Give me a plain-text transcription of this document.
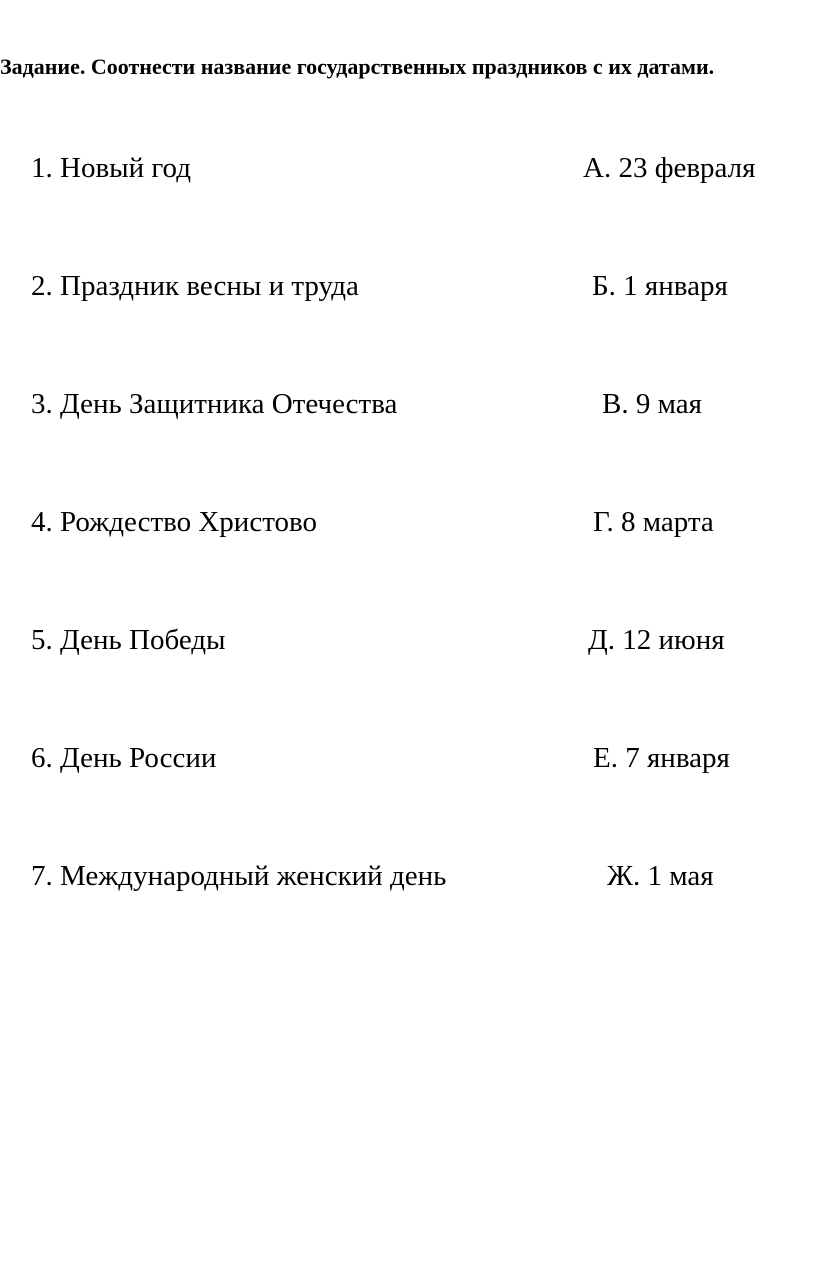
Задание. Соотнести название государственных праздников с их датами.
1. Новый год	А. 23 февраля
2. Праздник весны и труда	Б. 1 января
3. День Защитника Отечества	В. 9 мая
4. Рождество Христово	Г. 8 марта
5. День Победы	Д. 12 июня
6. День России	Е. 7 января
7. Международный женский день	Ж. 1 мая
